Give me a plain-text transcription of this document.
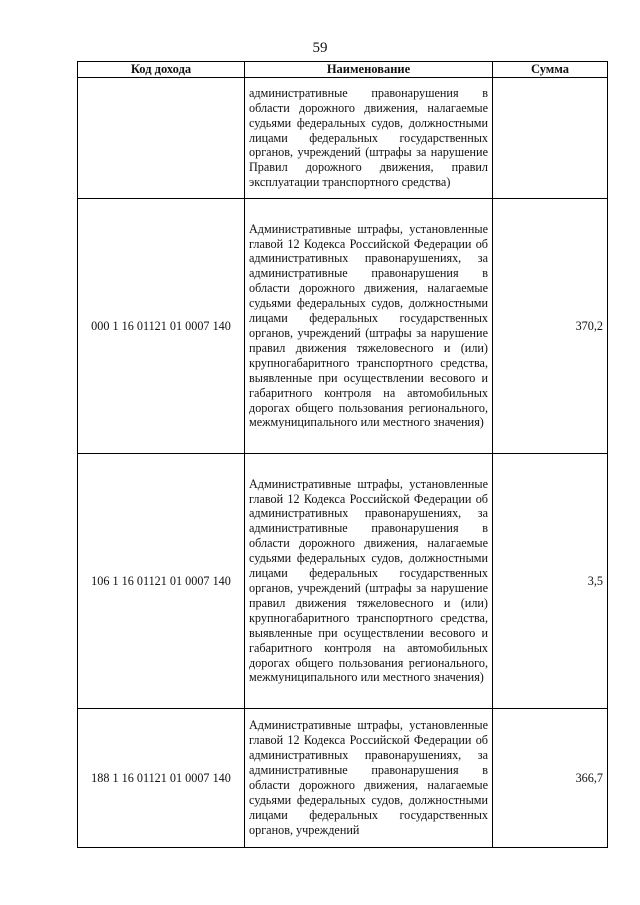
59
Код дохода	Наименование	Сумма
	административные правонарушения в области дорожного движения, налагаемые судьями федеральных судов, должностными лицами федеральных государственных органов, учреждений (штрафы за нарушение Правил дорожного движения, правил эксплуатации транспортного средства)	
000 1 16 01121 01 0007 140	Административные штрафы, установленные главой 12 Кодекса Российской Федерации об административных правонарушениях, за административные правонарушения в области дорожного движения, налагаемые судьями федеральных судов, должностными лицами федеральных государственных органов, учреждений (штрафы за нарушение правил движения тяжеловесного и (или) крупногабаритного транспортного средства, выявленные при осуществлении весового и габаритного контроля на автомобильных дорогах общего пользования регионального, межмуниципального или местного значения)	370,2
106 1 16 01121 01 0007 140	Административные штрафы, установленные главой 12 Кодекса Российской Федерации об административных правонарушениях, за административные правонарушения в области дорожного движения, налагаемые судьями федеральных судов, должностными лицами федеральных государственных органов, учреждений (штрафы за нарушение правил движения тяжеловесного и (или) крупногабаритного транспортного средства, выявленные при осуществлении весового и габаритного контроля на автомобильных дорогах общего пользования регионального, межмуниципального или местного значения)	3,5
188 1 16 01121 01 0007 140	Административные штрафы, установленные главой 12 Кодекса Российской Федерации об административных правонарушениях, за административные правонарушения в области дорожного движения, налагаемые судьями федеральных судов, должностными лицами федеральных государственных органов, учреждений	366,7
